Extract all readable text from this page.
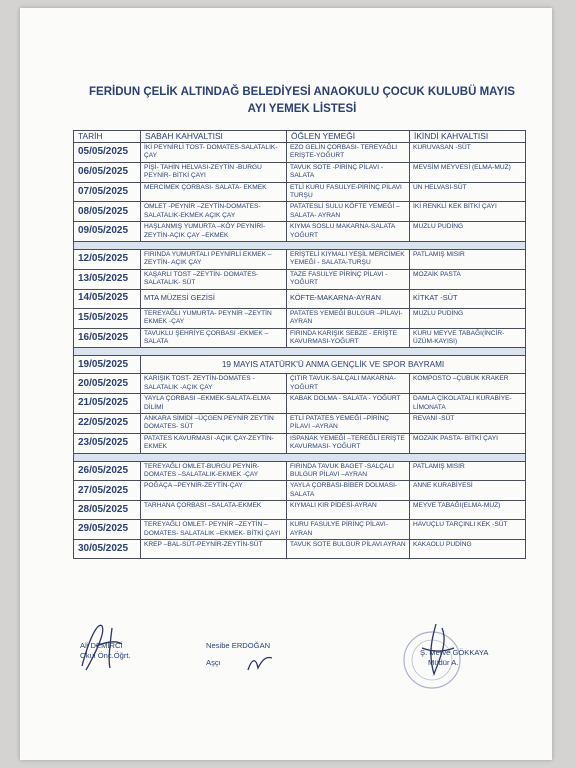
FERİDUN ÇELİK ALTINDAĞ BELEDİYESİ ANAOKULU ÇOCUK KULUBÜ MAYIS AYI YEMEK LİSTESİ
TARİH	SABAH KAHVALTISI	ÖĞLEN YEMEĞİ	İKİNDİ KAHVALTISI
05/05/2025	İKİ PEYNİRLİ TOST- DOMATES-SALATALIK- ÇAY	EZO GELİN ÇORBASI- TEREYAĞLI ERİŞTE-YOĞURT	KURUVASAN -SÜT
06/05/2025	PİŞİ- TAHİN HELVASI-ZEYTİN -BURGU PEYNİR- BİTKİ ÇAYI	TAVUK SOTE -PİRİNÇ PİLAVI - SALATA	MEVSİM MEYVESİ (ELMA-MUZ)
07/05/2025	MERCİMEK ÇORBASI- SALATA- EKMEK	ETLİ KURU FASULYE-PİRİNÇ PİLAVI TURŞU	UN HELVASI-SÜT
08/05/2025	OMLET -PEYNİR –ZEYTİN-DOMATES-SALATALIK-EKMEK AÇIK ÇAY	PATATESLİ SULU KÖFTE YEMEĞİ – SALATA- AYRAN	İKİ RENKLİ KEK BİTKİ ÇAYI
09/05/2025	HAŞLANMIŞ YUMURTA –KÖY PEYNİRİ-ZEYTİN-AÇIK ÇAY –EKMEK	KIYMA SOSLU MAKARNA-SALATA YOĞURT	MUZLU PUDİNG

12/05/2025	FIRINDA YUMURTALI PEYNİRLİ EKMEK –ZEYTİN- AÇIK ÇAY	ERİŞTELİ KIYMALI YEŞİL MERCİMEK YEMEĞİ - SALATA-TURŞU	PATLAMIŞ MISIR
13/05/2025	KAŞARLI TOST –ZEYTİN- DOMATES-SALATALIK- SÜT	TAZE FASULYE PİRİNÇ PİLAVI - YOĞURT	MOZAİK PASTA
14/05/2025	MTA MÜZESİ GEZİSİ	KÖFTE-MAKARNA-AYRAN	KİTKAT -SÜT
15/05/2025	TEREYAĞLI YUMURTA- PEYNİR –ZEYTİN EKMEK -ÇAY	PATATES YEMEĞİ BULGUR –PİLAVI- AYRAN	MUZLU PUDİNG
16/05/2025	TAVUKLU ŞEHRİYE ÇORBASI -EKMEK –SALATA	FIRINDA KARIŞIK SEBZE - ERİŞTE KAVURMASI-YOĞURT	KURU MEYVE TABAĞI(İNCİR-ÜZÜM-KAYISI)

19/05/2025	19 MAYIS ATATÜRK'Ü ANMA GENÇLİK VE SPOR BAYRAMI		
20/05/2025	KARIŞIK TOST- ZEYTİN-DOMATES -SALATALIK -AÇIK ÇAY	ÇITIR TAVUK-SALÇALI MAKARNA-YOĞURT	KOMPOSTO –ÇUBUK KRAKER
21/05/2025	YAYLA ÇORBASI –EKMEK-SALATA-ELMA DİLİMİ	KABAK DOLMA - SALATA - YOĞURT	DAMLA ÇİKOLATALI KURABİYE-LİMONATA
22/05/2025	ANKARA SİMİDİ –ÜÇGEN PEYNİR ZEYTİN DOMATES- SÜT	ETLİ PATATES YEMEĞİ –PİRİNÇ PİLAVI –AYRAN	REVANİ -SÜT
23/05/2025	PATATES KAVURMASI -AÇIK ÇAY-ZEYTİN- EKMEK	ISPANAK YEMEĞİ –TEREĞLİ ERİŞTE KAVURMASI- YOĞURT	MOZAİK PASTA- BİTKİ ÇAYI

26/05/2025	TEREYAĞLI OMLET-BURGU PEYNİR-DOMATES –SALATALIK-EKMEK -ÇAY	FIRINDA TAVUK BAGET -SALÇALI BULGUR PİLAVI –AYRAN	PATLAMIŞ MISIR
27/05/2025	POĞAÇA –PEYNİR-ZEYTİN-ÇAY	YAYLA ÇORBASI-BİBER DOLMASI-SALATA	ANNE KURABİYESİ
28/05/2025	TARHANA ÇORBASI –SALATA-EKMEK	KIYMALI KIR PİDESİ-AYRAN	MEYVE TABAĞI(ELMA-MUZ)
29/05/2025	TEREYAĞLI OMLET- PEYNİR –ZEYTİN –DOMATES- SALATALIK –EKMEK- BİTKİ ÇAYI	KURU FASULYE PİRİNÇ PİLAVI-AYRAN	HAVUÇLU TARÇINLI KEK -SÜT
30/05/2025	KREP –BAL-SÜT-PEYNİR-ZEYTİN-SÜT	TAVUK SOTE BULGUR PİLAVI AYRAN	KAKAOLU PUDİNG
Ali DEMİRCİ
Okul Önc.Öğrt.
Nesibe ERDOĞAN
Aşçı
Ş. Merve GÖKKAYA
Müdür A.
